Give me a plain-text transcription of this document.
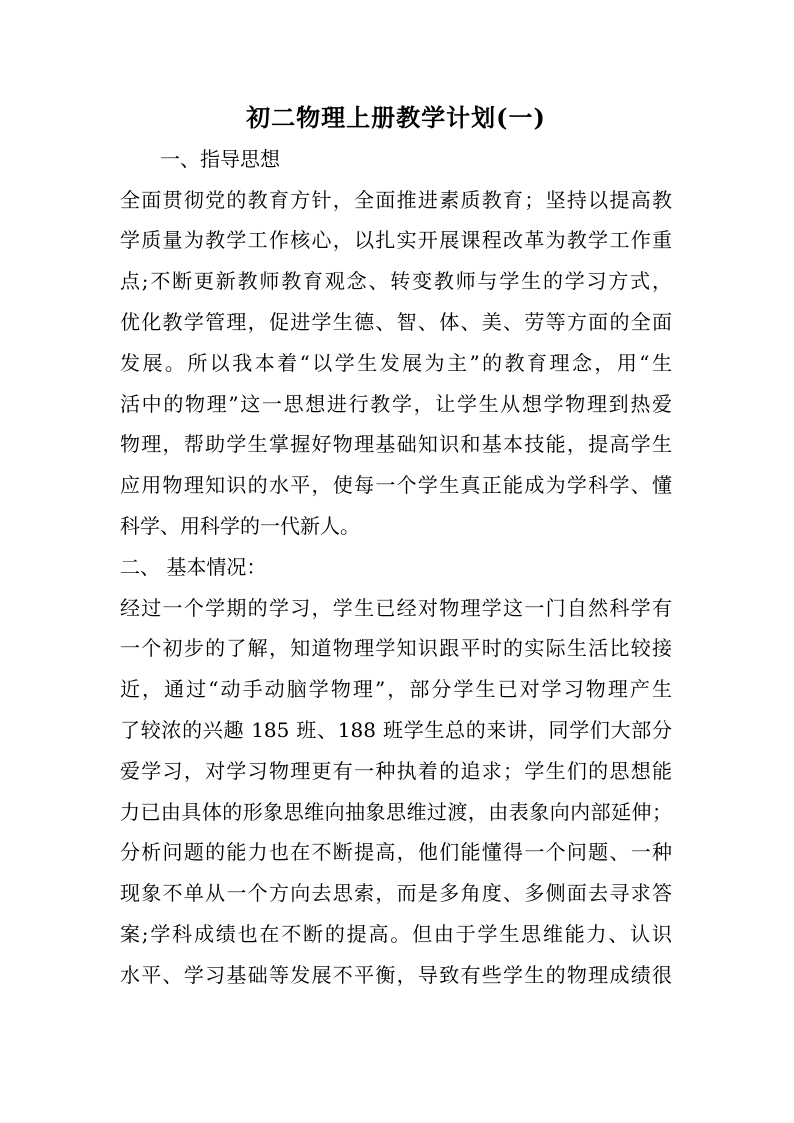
初二物理上册教学计划(一)
一、指导思想
全面贯彻党的教育方针，全面推进素质教育；坚持以提高教
学质量为教学工作核心，以扎实开展课程改革为教学工作重
点;不断更新教师教育观念、转变教师与学生的学习方式，
优化教学管理，促进学生德、智、体、美、劳等方面的全面
发展。所以我本着“以学生发展为主”的教育理念，用“生
活中的物理”这一思想进行教学，让学生从想学物理到热爱
物理，帮助学生掌握好物理基础知识和基本技能，提高学生
应用物理知识的水平，使每一个学生真正能成为学科学、懂
科学、用科学的一代新人。
二、 基本情况：
经过一个学期的学习，学生已经对物理学这一门自然科学有
一个初步的了解，知道物理学知识跟平时的实际生活比较接
近，通过“动手动脑学物理”，部分学生已对学习物理产生
了较浓的兴趣 185 班、188 班学生总的来讲，同学们大部分
爱学习，对学习物理更有一种执着的追求；学生们的思想能
力已由具体的形象思维向抽象思维过渡，由表象向内部延伸；
分析问题的能力也在不断提高，他们能懂得一个问题、一种
现象不单从一个方向去思索，而是多角度、多侧面去寻求答
案;学科成绩也在不断的提高。但由于学生思维能力、认识
水平、学习基础等发展不平衡，导致有些学生的物理成绩很
